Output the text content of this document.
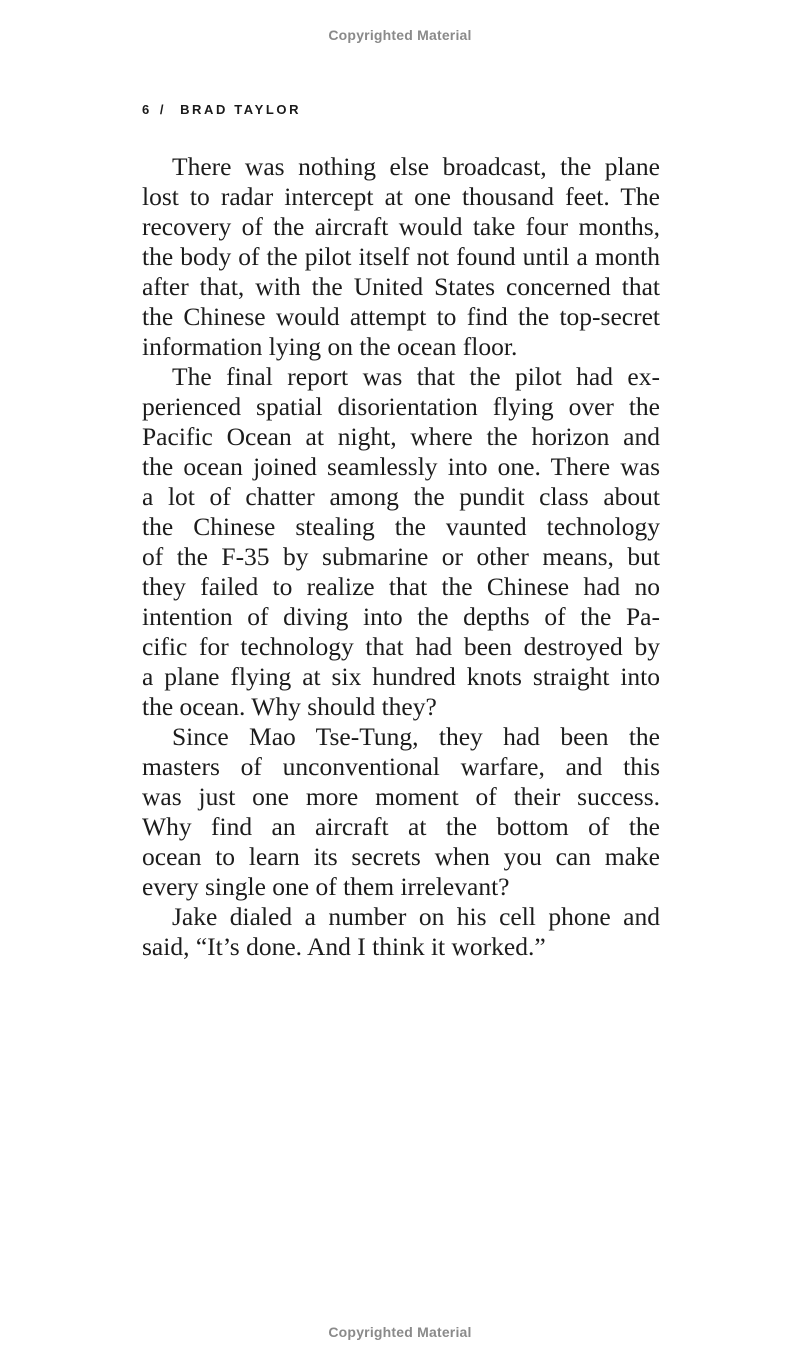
Copyrighted Material
6 / BRAD TAYLOR
There was nothing else broadcast, the plane
lost to radar intercept at one thousand feet. The
recovery of the aircraft would take four months,
the body of the pilot itself not found until a month
after that, with the United States concerned that
the Chinese would attempt to find the top-secret
information lying on the ocean floor.
The final report was that the pilot had ex-
perienced spatial disorientation flying over the
Pacific Ocean at night, where the horizon and
the ocean joined seamlessly into one. There was
a lot of chatter among the pundit class about
the Chinese stealing the vaunted technology
of the F-35 by submarine or other means, but
they failed to realize that the Chinese had no
intention of diving into the depths of the Pa-
cific for technology that had been destroyed by
a plane flying at six hundred knots straight into
the ocean. Why should they?
Since Mao Tse-Tung, they had been the
masters of unconventional warfare, and this
was just one more moment of their success.
Why find an aircraft at the bottom of the
ocean to learn its secrets when you can make
every single one of them irrelevant?
Jake dialed a number on his cell phone and
said, “It’s done. And I think it worked.”
Copyrighted Material
